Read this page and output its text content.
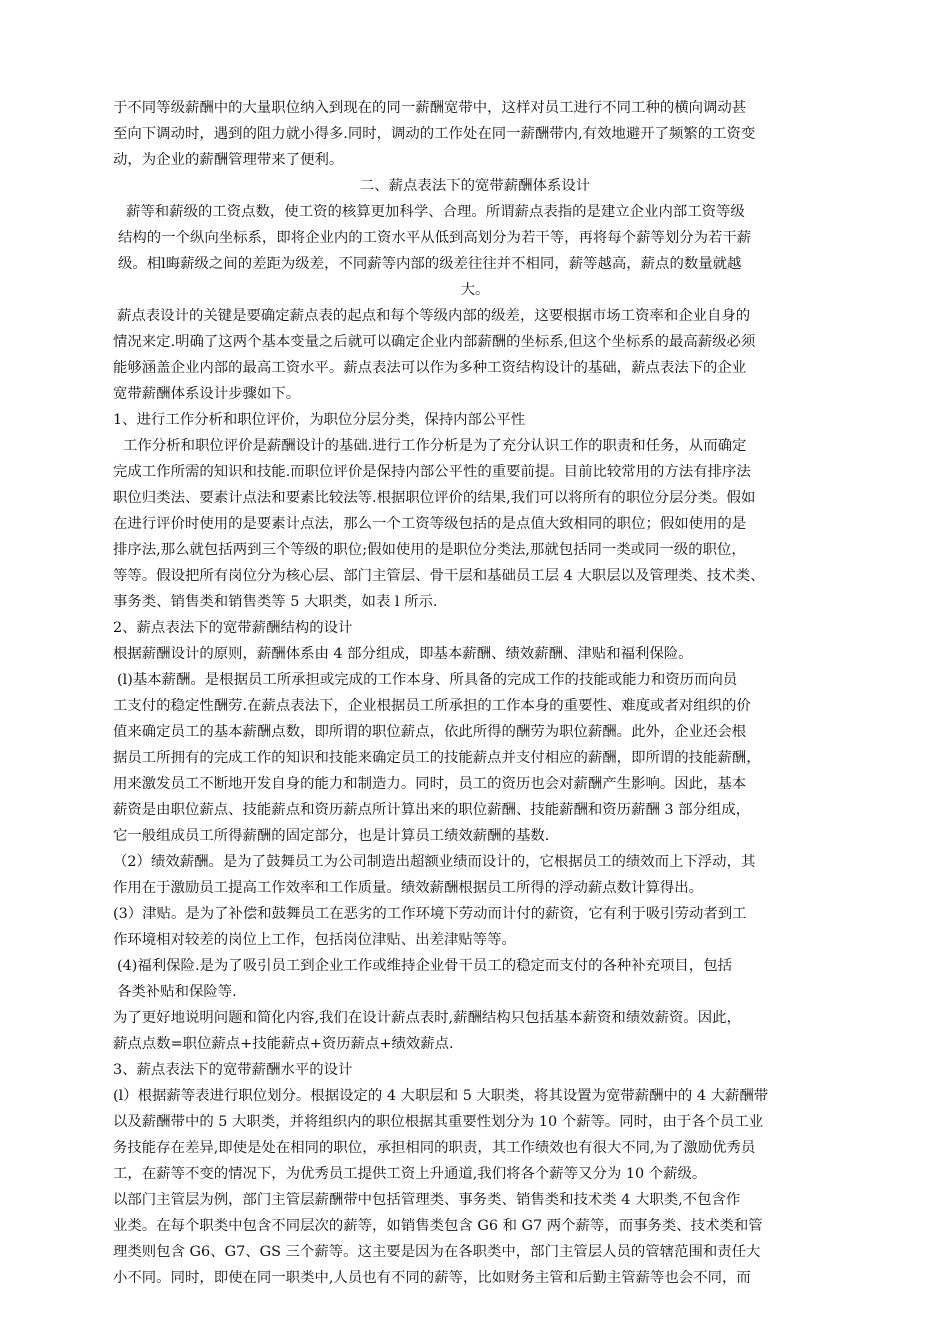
于不同等级薪酬中的大量职位纳入到现在的同一薪酬宽带中，这样对员工进行不同工种的横向调动甚
至向下调动时，遇到的阻力就小得多.同时，调动的工作处在同一薪酬带内,有效地避开了频繁的工资变
动，为企业的薪酬管理带来了便利。
二、薪点表法下的宽带薪酬体系设计
薪等和薪级的工资点数，使工资的核算更加科学、合理。所谓薪点表指的是建立企业内部工资等级
结构的一个纵向坐标系，即将企业内的工资水平从低到高划分为若干等，再将每个薪等划分为若干薪
级。相l晦薪级之间的差距为级差，不同薪等内部的级差往往并不相同，薪等越高，薪点的数量就越
大。
薪点表设计的关键是要确定薪点表的起点和每个等级内部的级差，这要根据市场工资率和企业自身的
情况来定.明确了这两个基本变量之后就可以确定企业内部薪酬的坐标系,但这个坐标系的最高薪级必须
能够涵盖企业内部的最高工资水平。薪点表法可以作为多种工资结构设计的基础，薪点表法下的企业
宽带薪酬体系设计步骤如下。
1、进行工作分析和职位评价，为职位分层分类，保持内部公平性
工作分析和职位评价是薪酬设计的基础.进行工作分析是为了充分认识工作的职责和任务，从而确定
完成工作所需的知识和技能.而职位评价是保持内部公平性的重要前提。目前比较常用的方法有排序法
职位归类法、要素计点法和要素比较法等.根据职位评价的结果,我们可以将所有的职位分层分类。假如
在进行评价时使用的是要素计点法，那么一个工资等级包括的是点值大致相同的职位；假如使用的是
排序法,那么就包括两到三个等级的职位;假如使用的是职位分类法,那就包括同一类或同一级的职位，
等等。假设把所有岗位分为核心层、部门主管层、骨干层和基础员工层 4 大职层以及管理类、技术类、
事务类、销售类和销售类等 5 大职类，如表 l 所示.
2、薪点表法下的宽带薪酬结构的设计
根据薪酬设计的原则，薪酬体系由 4 部分组成，即基本薪酬、绩效薪酬、津贴和福利保险。
(l)基本薪酬。是根据员工所承担或完成的工作本身、所具备的完成工作的技能或能力和资历而向员
工支付的稳定性酬劳.在薪点表法下，企业根据员工所承担的工作本身的重要性、难度或者对组织的价
值来确定员工的基本薪酬点数，即所谓的职位薪点，依此所得的酬劳为职位薪酬。此外，企业还会根
据员工所拥有的完成工作的知识和技能来确定员工的技能薪点并支付相应的薪酬，即所谓的技能薪酬，
用来激发员工不断地开发自身的能力和制造力。同时，员工的资历也会对薪酬产生影响。因此，基本
薪资是由职位薪点、技能薪点和资历薪点所计算出来的职位薪酬、技能薪酬和资历薪酬 3 部分组成，
它一般组成员工所得薪酬的固定部分，也是计算员工绩效薪酬的基数.
（2）绩效薪酬。是为了鼓舞员工为公司制造出超额业绩而设计的，它根据员工的绩效而上下浮动，其
作用在于激励员工提高工作效率和工作质量。绩效薪酬根据员工所得的浮动薪点数计算得出。
(3）津贴。是为了补偿和鼓舞员工在恶劣的工作环境下劳动而计付的薪资，它有利于吸引劳动者到工
作环境相对较差的岗位上工作，包括岗位津贴、出差津贴等等。
(4)福利保险.是为了吸引员工到企业工作或维持企业骨干员工的稳定而支付的各种补充项目，包括
各类补贴和保险等.
为了更好地说明问题和简化内容,我们在设计薪点表时,薪酬结构只包括基本薪资和绩效薪资。因此，
薪点点数=职位薪点+技能薪点+资历薪点+绩效薪点.
3、薪点表法下的宽带薪酬水平的设计
(l）根据薪等表进行职位划分。根据设定的 4 大职层和 5 大职类，将其设置为宽带薪酬中的 4 大薪酬带
以及薪酬带中的 5 大职类，并将组织内的职位根据其重要性划分为 10 个薪等。同时，由于各个员工业
务技能存在差异,即使是处在相同的职位，承担相同的职责，其工作绩效也有很大不同,为了激励优秀员
工，在薪等不变的情况下，为优秀员工提供工资上升通道,我们将各个薪等又分为 10 个薪级。
以部门主管层为例，部门主管层薪酬带中包括管理类、事务类、销售类和技术类 4 大职类,不包含作
业类。在每个职类中包含不同层次的薪等，如销售类包含 G6 和 G7 两个薪等，而事务类、技术类和管
理类则包含 G6、G7、GS 三个薪等。这主要是因为在各职类中，部门主管层人员的管辖范围和责任大
小不同。同时，即使在同一职类中,人员也有不同的薪等，比如财务主管和后勤主管薪等也会不同，而
